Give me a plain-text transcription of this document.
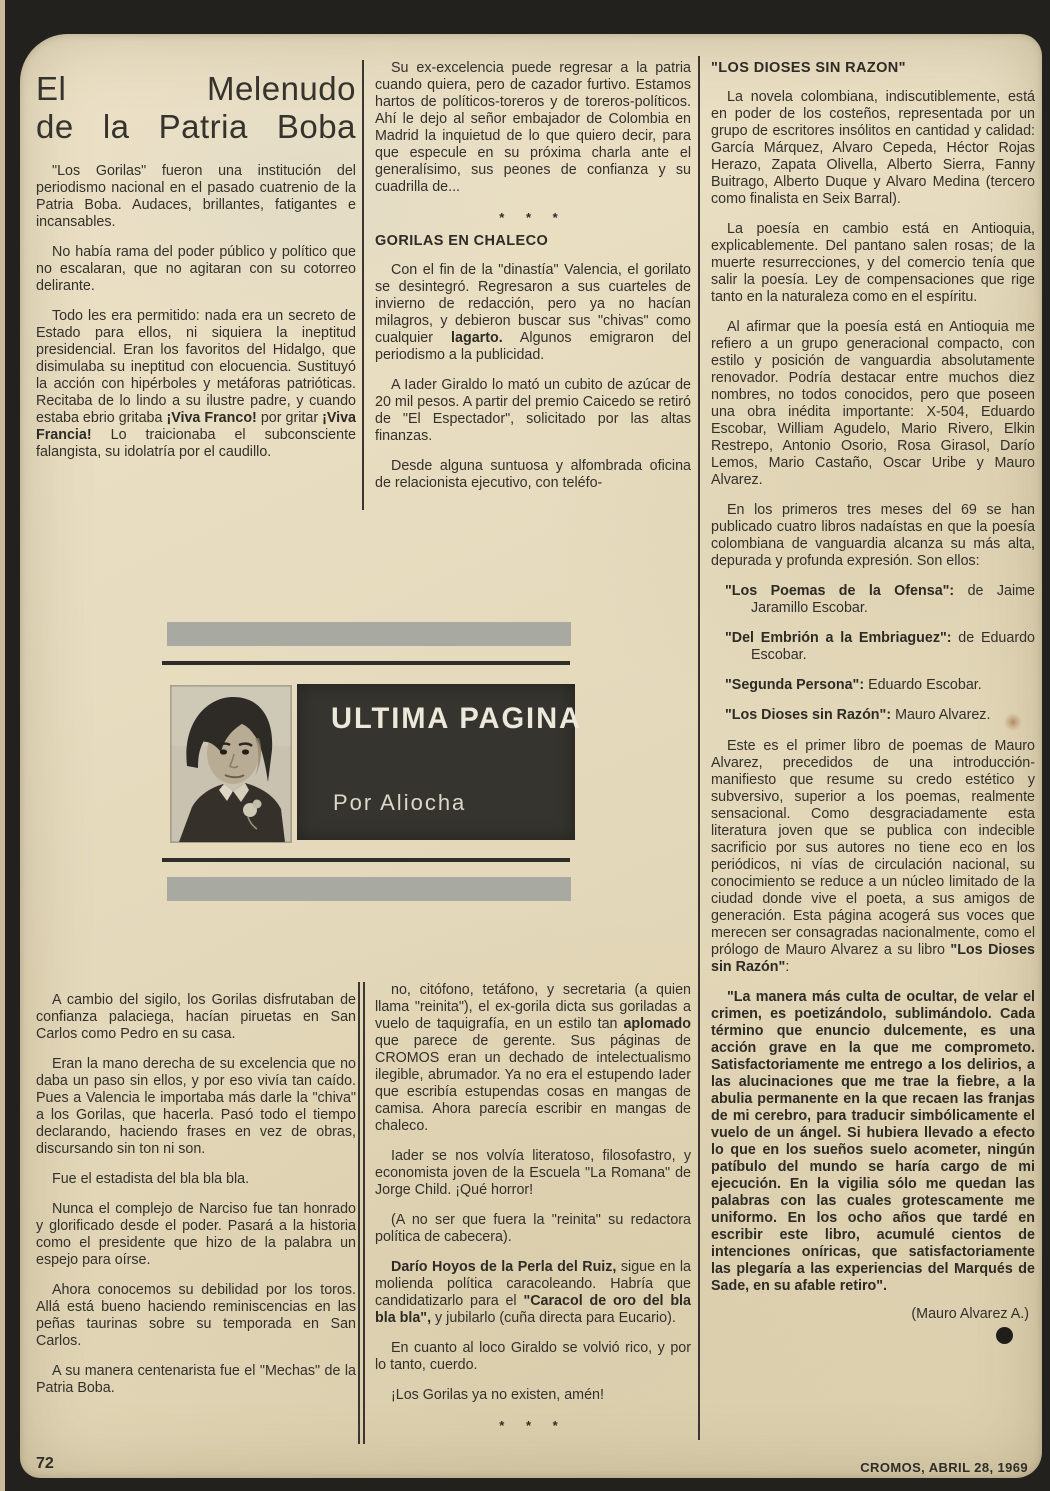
El	Melenudo
de la Patria Boba

"Los Gorilas" fueron una institución del periodismo nacional en el pasado cuatrenio de la Patria Boba. Audaces, brillantes, fatigantes e incansables.

No había rama del poder público y político que no escalaran, que no agitaran con su cotorreo delirante.

Todo les era permitido: nada era un secreto de Estado para ellos, ni siquiera la ineptitud presidencial. Eran los favoritos del Hidalgo, que disimulaba su ineptitud con elocuencia. Sustituyó la acción con hipérboles y metáforas patrióticas. Recitaba de lo lindo a su ilustre padre, y cuando estaba ebrio gritaba ¡Viva Franco! por gritar ¡Viva Francia! Lo traicionaba el subconsciente falangista, su idolatría por el caudillo.

Su ex-excelencia puede regresar a la patria cuando quiera, pero de cazador furtivo. Estamos hartos de políticos-toreros y de toreros-políticos. Ahí le dejo al señor embajador de Colombia en Madrid la inquietud de lo que quiero decir, para que especule en su próxima charla ante el generalísimo, sus peones de confianza y su cuadrilla de...

* * *
GORILAS EN CHALECO

Con el fin de la "dinastía" Valencia, el gorilato se desintegró. Regresaron a sus cuarteles de invierno de redacción, pero ya no hacían milagros, y debieron buscar sus "chivas" como cualquier lagarto. Algunos emigraron del periodismo a la publicidad.

A Iader Giraldo lo mató un cubito de azúcar de 20 mil pesos. A partir del premio Caicedo se retiró de "El Espectador", solicitado por las altas finanzas.

Desde alguna suntuosa y alfombrada oficina de relacionista ejecutivo, con teléfo-

"LOS DIOSES SIN RAZON"

La novela colombiana, indiscutiblemente, está en poder de los costeños, representada por un grupo de escritores insólitos en cantidad y calidad: García Márquez, Alvaro Cepeda, Héctor Rojas Herazo, Zapata Olivella, Alberto Sierra, Fanny Buitrago, Alberto Duque y Alvaro Medina (tercero como finalista en Seix Barral).

La poesía en cambio está en Antioquia, explicablemente. Del pantano salen rosas; de la muerte resurrecciones, y del comercio tenía que salir la poesía. Ley de compensaciones que rige tanto en la naturaleza como en el espíritu.

Al afirmar que la poesía está en Antioquia me refiero a un grupo generacional compacto, con estilo y posición de vanguardia absolutamente renovador. Podría destacar entre muchos diez nombres, no todos conocidos, pero que poseen una obra inédita importante: X-504, Eduardo Escobar, William Agudelo, Mario Rivero, Elkin Restrepo, Antonio Osorio, Rosa Girasol, Darío Lemos, Mario Castaño, Oscar Uribe y Mauro Alvarez.

En los primeros tres meses del 69 se han publicado cuatro libros nadaístas en que la poesía colombiana de vanguardia alcanza su más alta, depurada y profunda expresión. Son ellos:

"Los Poemas de la Ofensa": de Jaime Jaramillo Escobar.

"Del Embrión a la Embriaguez": de Eduardo Escobar.

"Segunda Persona": Eduardo Escobar.

"Los Dioses sin Razón": Mauro Alvarez.

Este es el primer libro de poemas de Mauro Alvarez, precedidos de una introducción-manifiesto que resume su credo estético y subversivo, superior a los poemas, realmente sensacional. Como desgraciadamente esta literatura joven que se publica con indecible sacrificio por sus autores no tiene eco en los periódicos, ni vías de circulación nacional, su conocimiento se reduce a un núcleo limitado de la ciudad donde vive el poeta, a sus amigos de generación. Esta página acogerá sus voces que merecen ser consagradas nacionalmente, como el prólogo de Mauro Alvarez a su libro "Los Dioses sin Razón":

"La manera más culta de ocultar, de velar el crimen, es poetizándolo, sublimándolo. Cada término que enuncio dulcemente, es una acción grave en la que me comprometo. Satisfactoriamente me entrego a los delirios, a las alucinaciones que me trae la fiebre, a la abulia permanente en la que recaen las franjas de mi cerebro, para traducir simbólicamente el vuelo de un ángel. Si hubiera llevado a efecto lo que en los sueños suelo acometer, ningún patíbulo del mundo se haría cargo de mi ejecución. En la vigilia sólo me quedan las palabras con las cuales grotescamente me uniformo. En los ocho años que tardé en escribir este libro, acumulé cientos de intenciones oníricas, que satisfactoriamente las plegaría a las experiencias del Marqués de Sade, en su afable retiro".

(Mauro Alvarez A.)
ULTIMA PAGINA
Por Aliocha

A cambio del sigilo, los Gorilas disfrutaban de confianza palaciega, hacían piruetas en San Carlos como Pedro en su casa.

Eran la mano derecha de su excelencia que no daba un paso sin ellos, y por eso vivía tan caído. Pues a Valencia le importaba más darle la "chiva" a los Gorilas, que hacerla. Pasó todo el tiempo declarando, haciendo frases en vez de obras, discursando sin ton ni son.

Fue el estadista del bla bla bla.

Nunca el complejo de Narciso fue tan honrado y glorificado desde el poder. Pasará a la historia como el presidente que hizo de la palabra un espejo para oírse.

Ahora conocemos su debilidad por los toros. Allá está bueno haciendo reminiscencias en las peñas taurinas sobre su temporada en San Carlos.

A su manera centenarista fue el "Mechas" de la Patria Boba.

no, citófono, tetáfono, y secretaria (a quien llama "reinita"), el ex-gorila dicta sus goriladas a vuelo de taquigrafía, en un estilo tan aplomado que parece de gerente. Sus páginas de CROMOS eran un dechado de intelectualismo ilegible, abrumador. Ya no era el estupendo Iader que escribía estupendas cosas en mangas de camisa. Ahora parecía escribir en mangas de chaleco.

Iader se nos volvía literatoso, filosofastro, y economista joven de la Escuela "La Romana" de Jorge Child. ¡Qué horror!

(A no ser que fuera la "reinita" su redactora política de cabecera).

Darío Hoyos de la Perla del Ruiz, sigue en la molienda política caracoleando. Habría que candidatizarlo para el "Caracol de oro del bla bla bla", y jubilarlo (cuña directa para Eucario).

En cuanto al loco Giraldo se volvió rico, y por lo tanto, cuerdo.

¡Los Gorilas ya no existen, amén!

* * *
72	CROMOS, ABRIL 28, 1969
